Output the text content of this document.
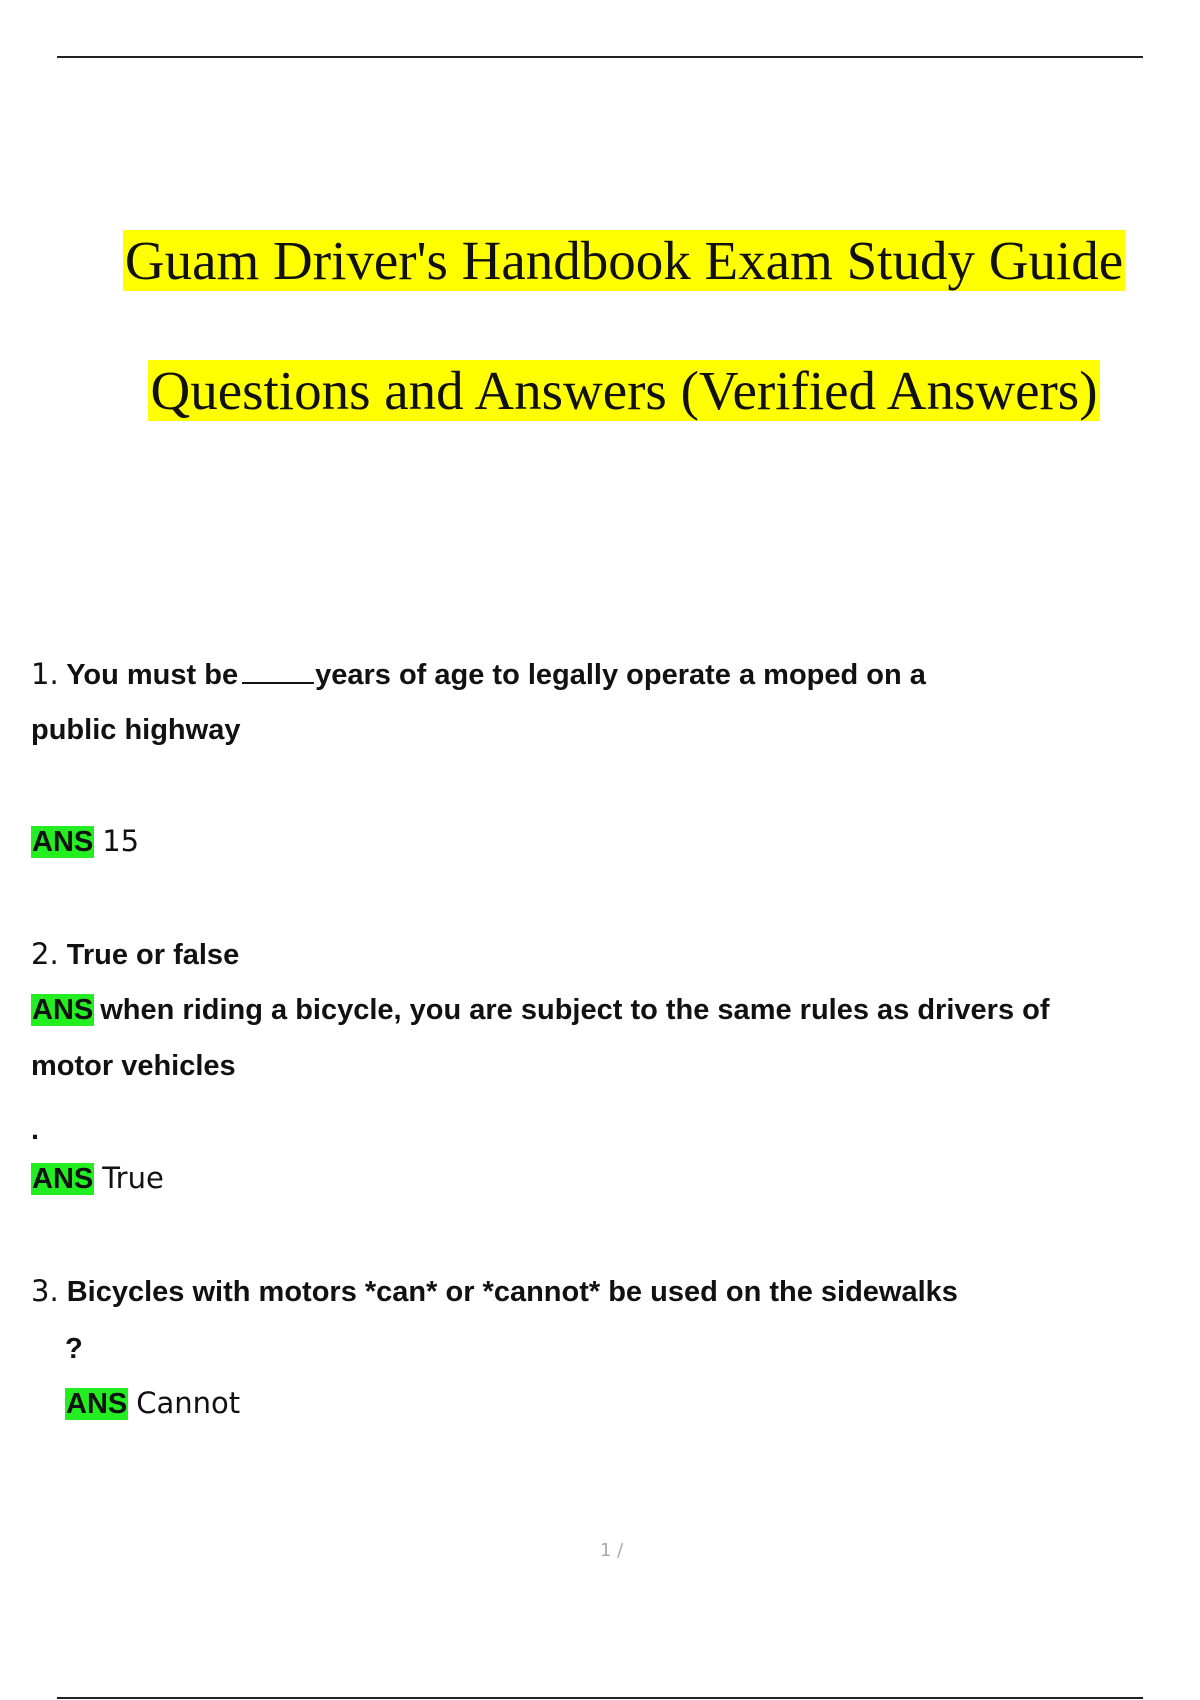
Guam Driver's Handbook Exam Study Guide
Questions and Answers (Verified Answers)
1. You must be	years of age to legally operate a moped on a
public highway
ANS 15
2. True or false
ANS when riding a bicycle, you are subject to the same rules as drivers of
motor vehicles
.
ANS True
3. Bicycles with motors *can* or *cannot* be used on the sidewalks
?
ANS Cannot
1 /
